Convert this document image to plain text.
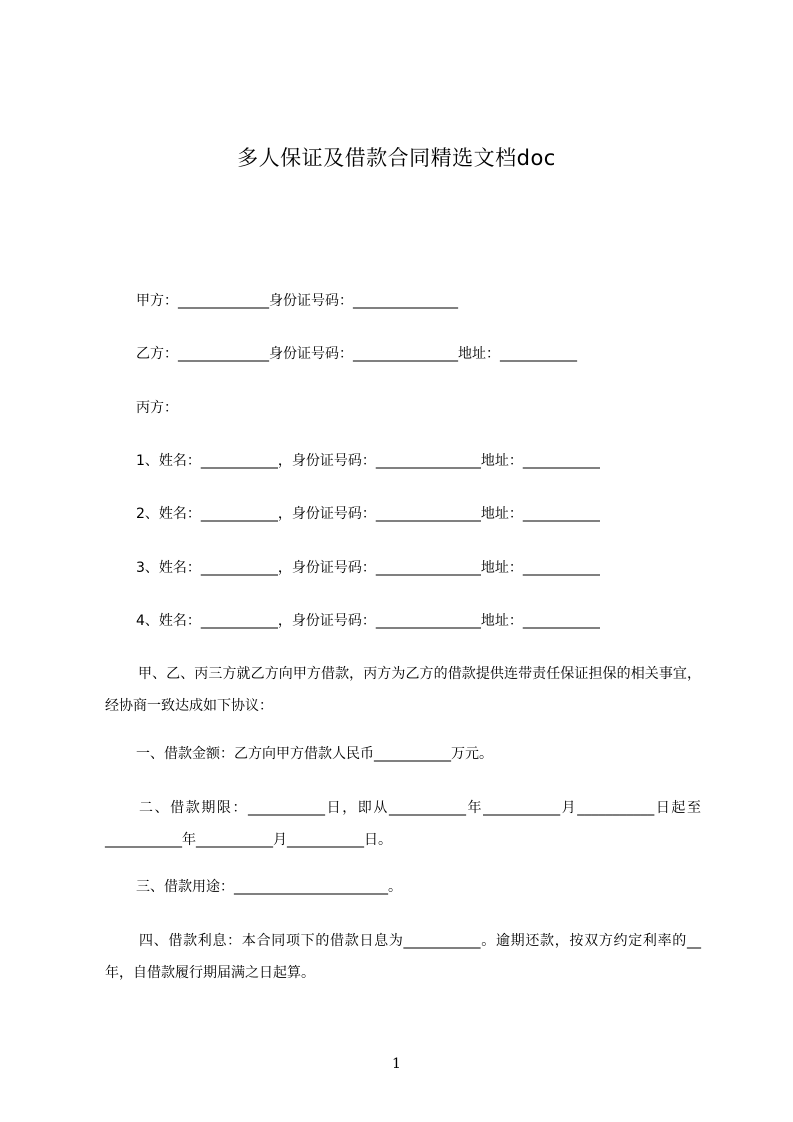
多人保证及借款合同精选文档doc
甲方：_____________身份证号码：_______________
乙方：_____________身份证号码：_______________地址：___________
丙方：
1、姓名：___________，身份证号码：_______________地址：___________
2、姓名：___________，身份证号码：_______________地址：___________
3、姓名：___________，身份证号码：_______________地址：___________
4、姓名：___________，身份证号码：_______________地址：___________
甲、乙、丙三方就乙方向甲方借款，丙方为乙方的借款提供连带责任保证担保的相关事宜，经协商一致达成如下协议：
一、借款金额：乙方向甲方借款人民币___________万元。
二、借款期限：___________日，即从___________年___________月___________日起至___________年___________月___________日。
三、借款用途：______________________。
四、借款利息：本合同项下的借款日息为___________。逾期还款，按双方约定利率的__年，自借款履行期届满之日起算。
1
